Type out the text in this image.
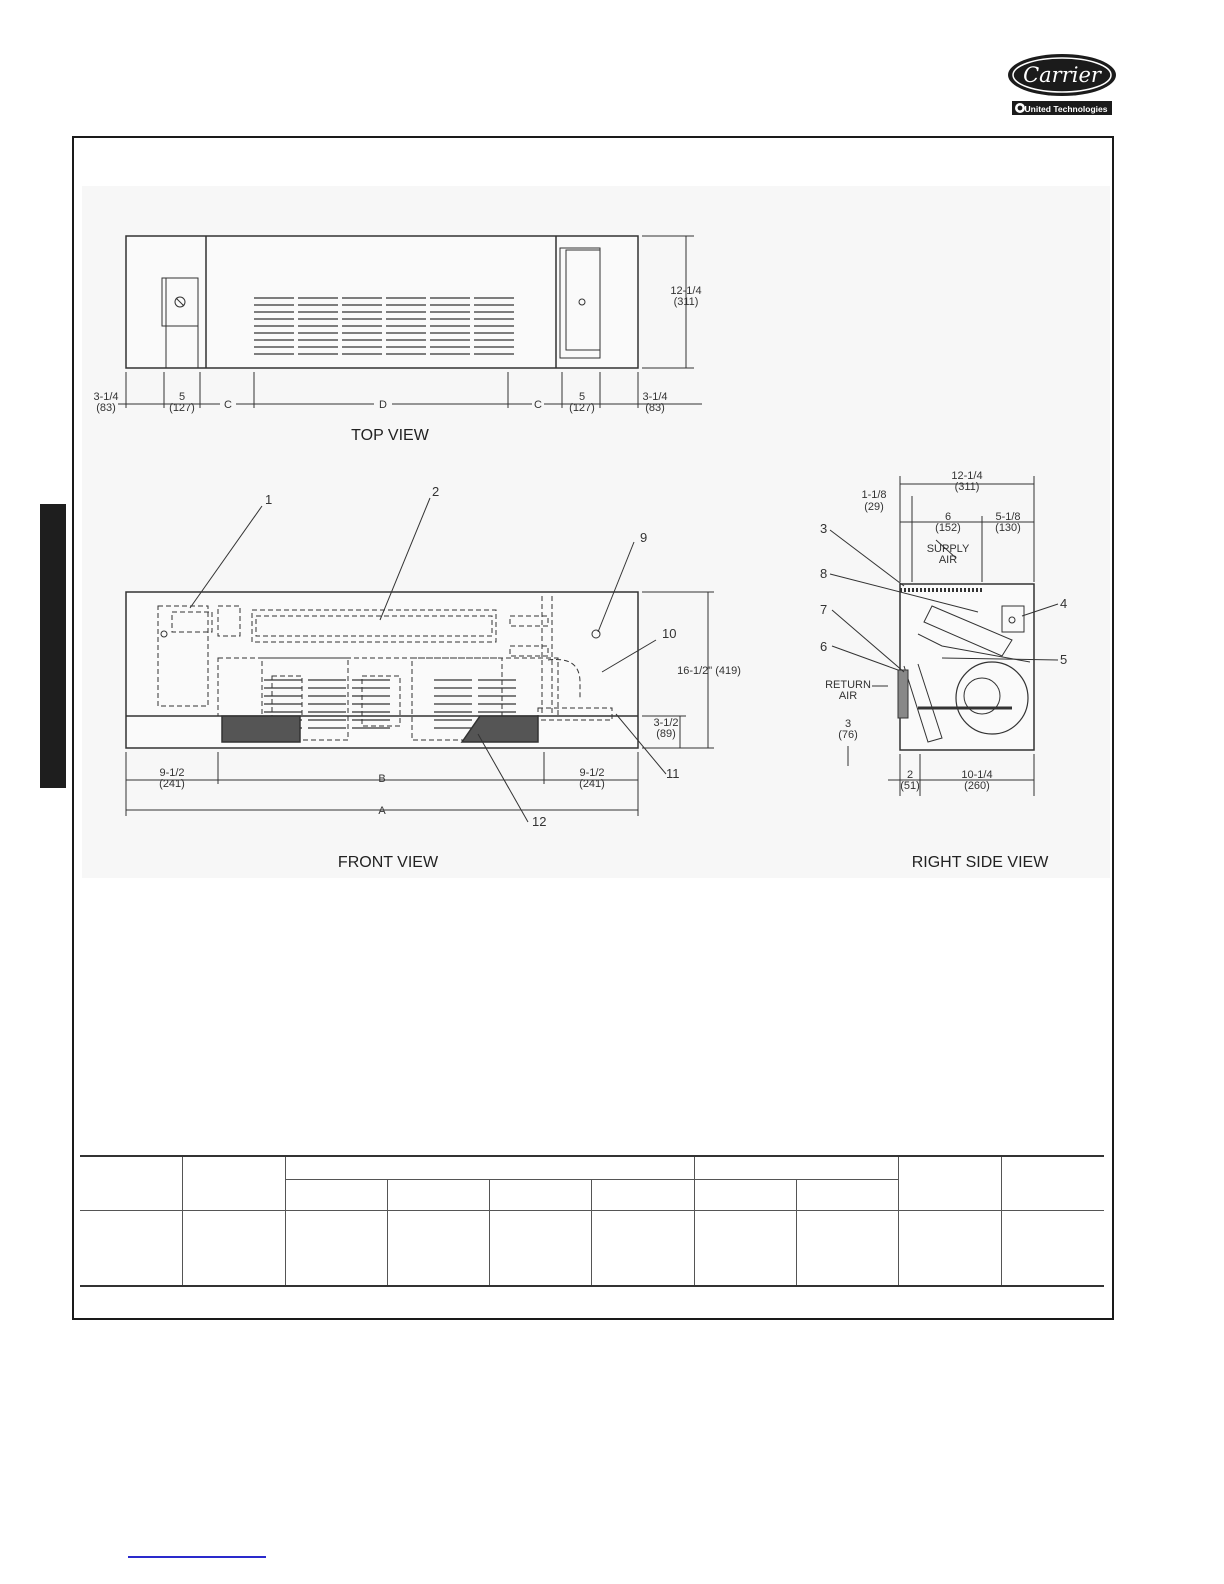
Carrier
United Technologies
12-1/4
(311)
3-1/4
(83)
5
(127)	C	D	C
5
(127)
3-1/4
(83)
TOP VIEW
1
2
9
10
11
12
16-1/2" (419)
3-1/2
(89)
9-1/2
(241)	B	9-1/2
(241)
A
FRONT VIEW
12-1/4
(311)
1-1/8
(29)
6
(152)
5-1/8
(130)
SUPPLY
AIR
RETURN
AIR
3
(76)
2
(51)
10-1/4
(260)
3
4
5
6
7
8
RIGHT SIDE VIEW
